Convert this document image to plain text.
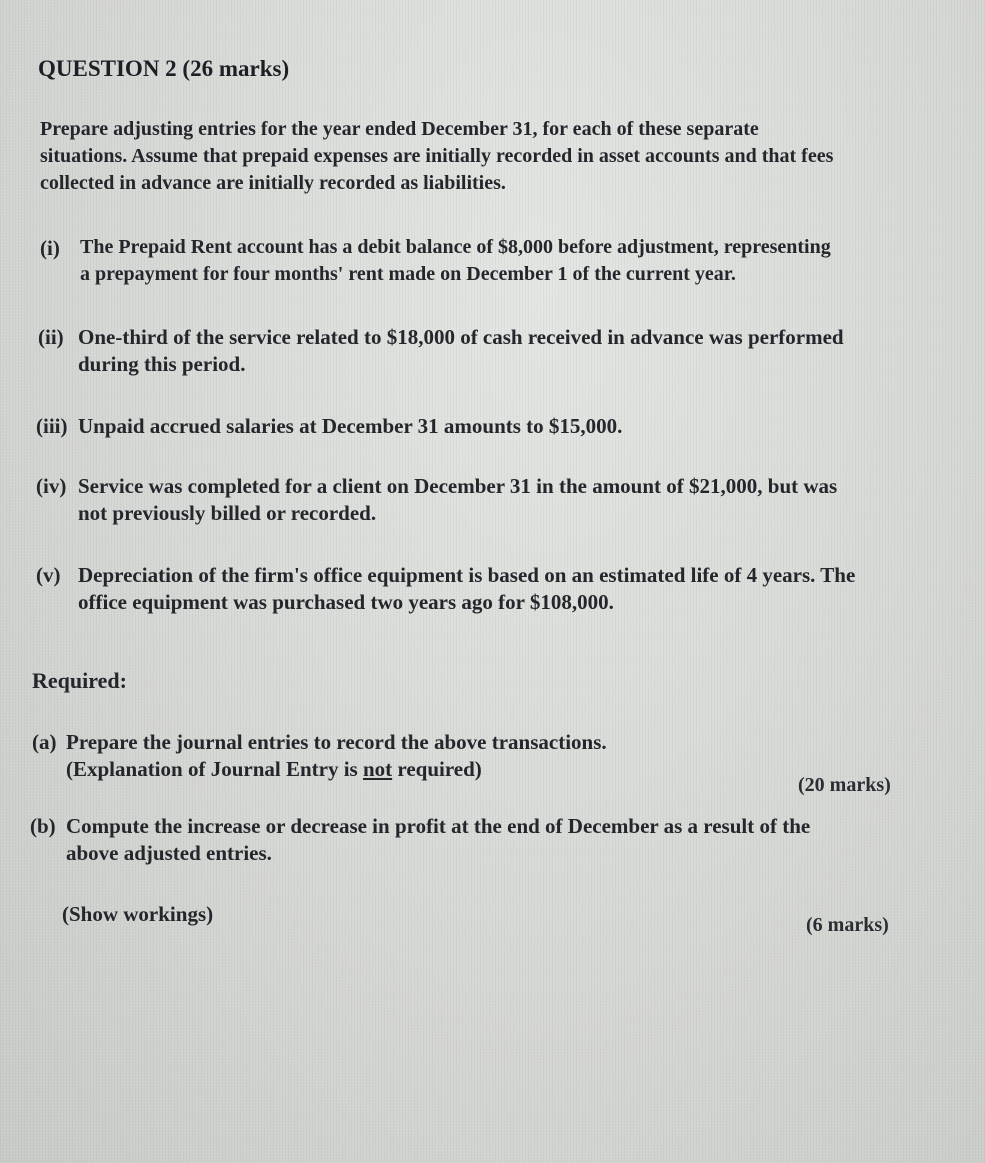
QUESTION 2 (26 marks)
Prepare adjusting entries for the year ended December 31, for each of these separate
situations. Assume that prepaid expenses are initially recorded in asset accounts and that fees
collected in advance are initially recorded as liabilities.
(i) The Prepaid Rent account has a debit balance of $8,000 before adjustment, representing
a prepayment for four months' rent made on December 1 of the current year.
(ii) One-third of the service related to $18,000 of cash received in advance was performed
during this period.
(iii) Unpaid accrued salaries at December 31 amounts to $15,000.
(iv) Service was completed for a client on December 31 in the amount of $21,000, but was
not previously billed or recorded.
(v) Depreciation of the firm's office equipment is based on an estimated life of 4 years. The
office equipment was purchased two years ago for $108,000.
Required:
(a) Prepare the journal entries to record the above transactions.
(Explanation of Journal Entry is not required)
(20 marks)
(b) Compute the increase or decrease in profit at the end of December as a result of the
above adjusted entries.
(Show workings)	(6 marks)
